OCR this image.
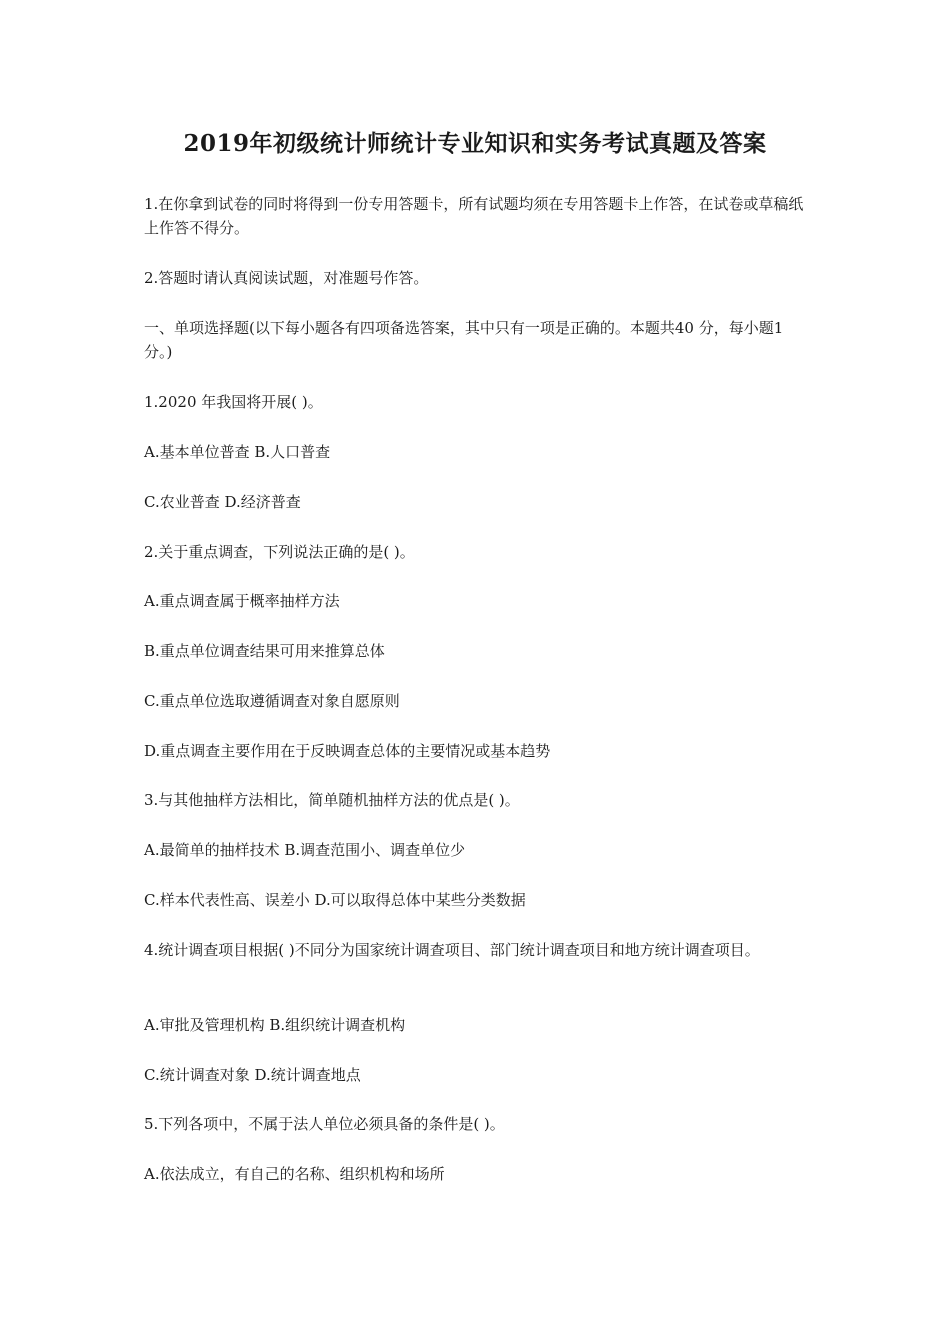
2019年初级统计师统计专业知识和实务考试真题及答案

1.在你拿到试卷的同时将得到一份专用答题卡，所有试题均须在专用答题卡上作答，在试卷或草稿纸上作答不得分。

2.答题时请认真阅读试题，对准题号作答。

一、单项选择题(以下每小题各有四项备选答案，其中只有一项是正确的。本题共40 分，每小题1 分。)

1.2020 年我国将开展( )。

A.基本单位普查 B.人口普查

C.农业普查 D.经济普查

2.关于重点调查，下列说法正确的是( )。

A.重点调查属于概率抽样方法

B.重点单位调查结果可用来推算总体

C.重点单位选取遵循调查对象自愿原则

D.重点调查主要作用在于反映调查总体的主要情况或基本趋势

3.与其他抽样方法相比，简单随机抽样方法的优点是( )。

A.最简单的抽样技术 B.调查范围小、调查单位少

C.样本代表性高、误差小 D.可以取得总体中某些分类数据

4.统计调查项目根据( )不同分为国家统计调查项目、部门统计调查项目和地方统计调查项目。

A.审批及管理机构 B.组织统计调查机构

C.统计调查对象 D.统计调查地点

5.下列各项中，不属于法人单位必须具备的条件是( )。

A.依法成立，有自己的名称、组织机构和场所
